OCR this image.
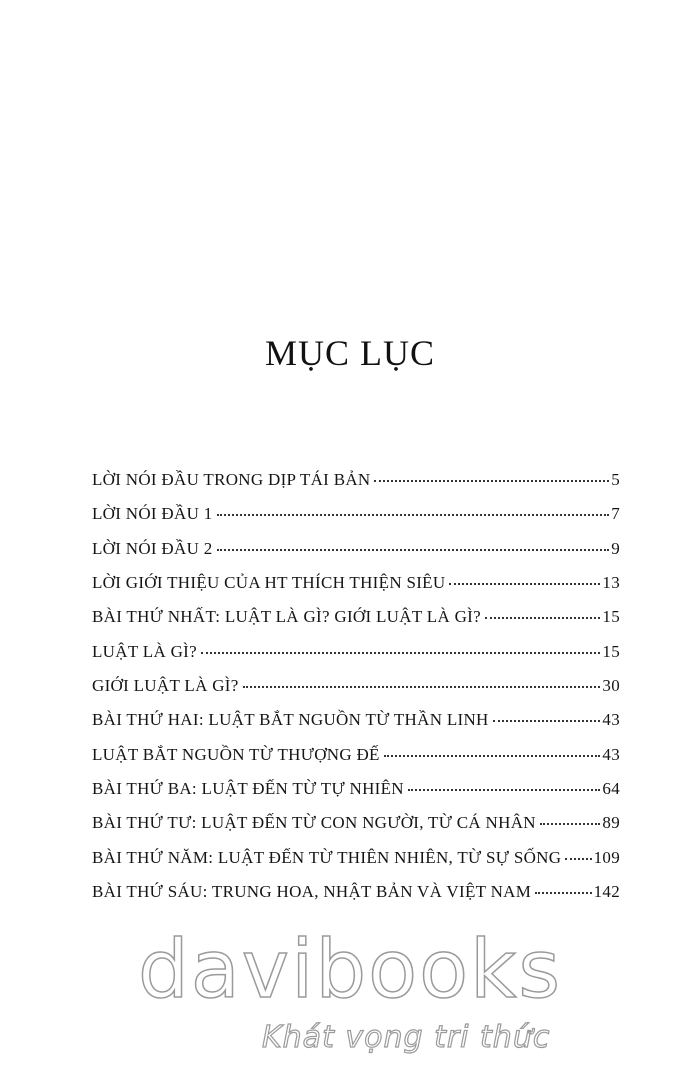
MỤC LỤC
LỜI NÓI ĐẦU TRONG DỊP TÁI BẢN	5
LỜI NÓI ĐẦU 1	7
LỜI NÓI ĐẦU 2	9
LỜI GIỚI THIỆU CỦA HT THÍCH THIỆN SIÊU	13
BÀI THỨ NHẤT: LUẬT LÀ GÌ? GIỚI LUẬT LÀ GÌ?	15
LUẬT LÀ GÌ?	15
GIỚI LUẬT LÀ GÌ?	30
BÀI THỨ HAI: LUẬT BẮT NGUỒN TỪ THẦN LINH	43
LUẬT BẮT NGUỒN TỪ THƯỢNG ĐẾ	43
BÀI THỨ BA: LUẬT ĐẾN TỪ TỰ NHIÊN	64
BÀI THỨ TƯ: LUẬT ĐẾN TỪ CON NGƯỜI, TỪ CÁ NHÂN	89
BÀI THỨ NĂM: LUẬT ĐẾN TỪ THIÊN NHIÊN, TỪ SỰ SỐNG 109
BÀI THỨ SÁU: TRUNG HOA, NHẬT BẢN VÀ VIỆT NAM	142
davibooks
Khát vọng tri thức
